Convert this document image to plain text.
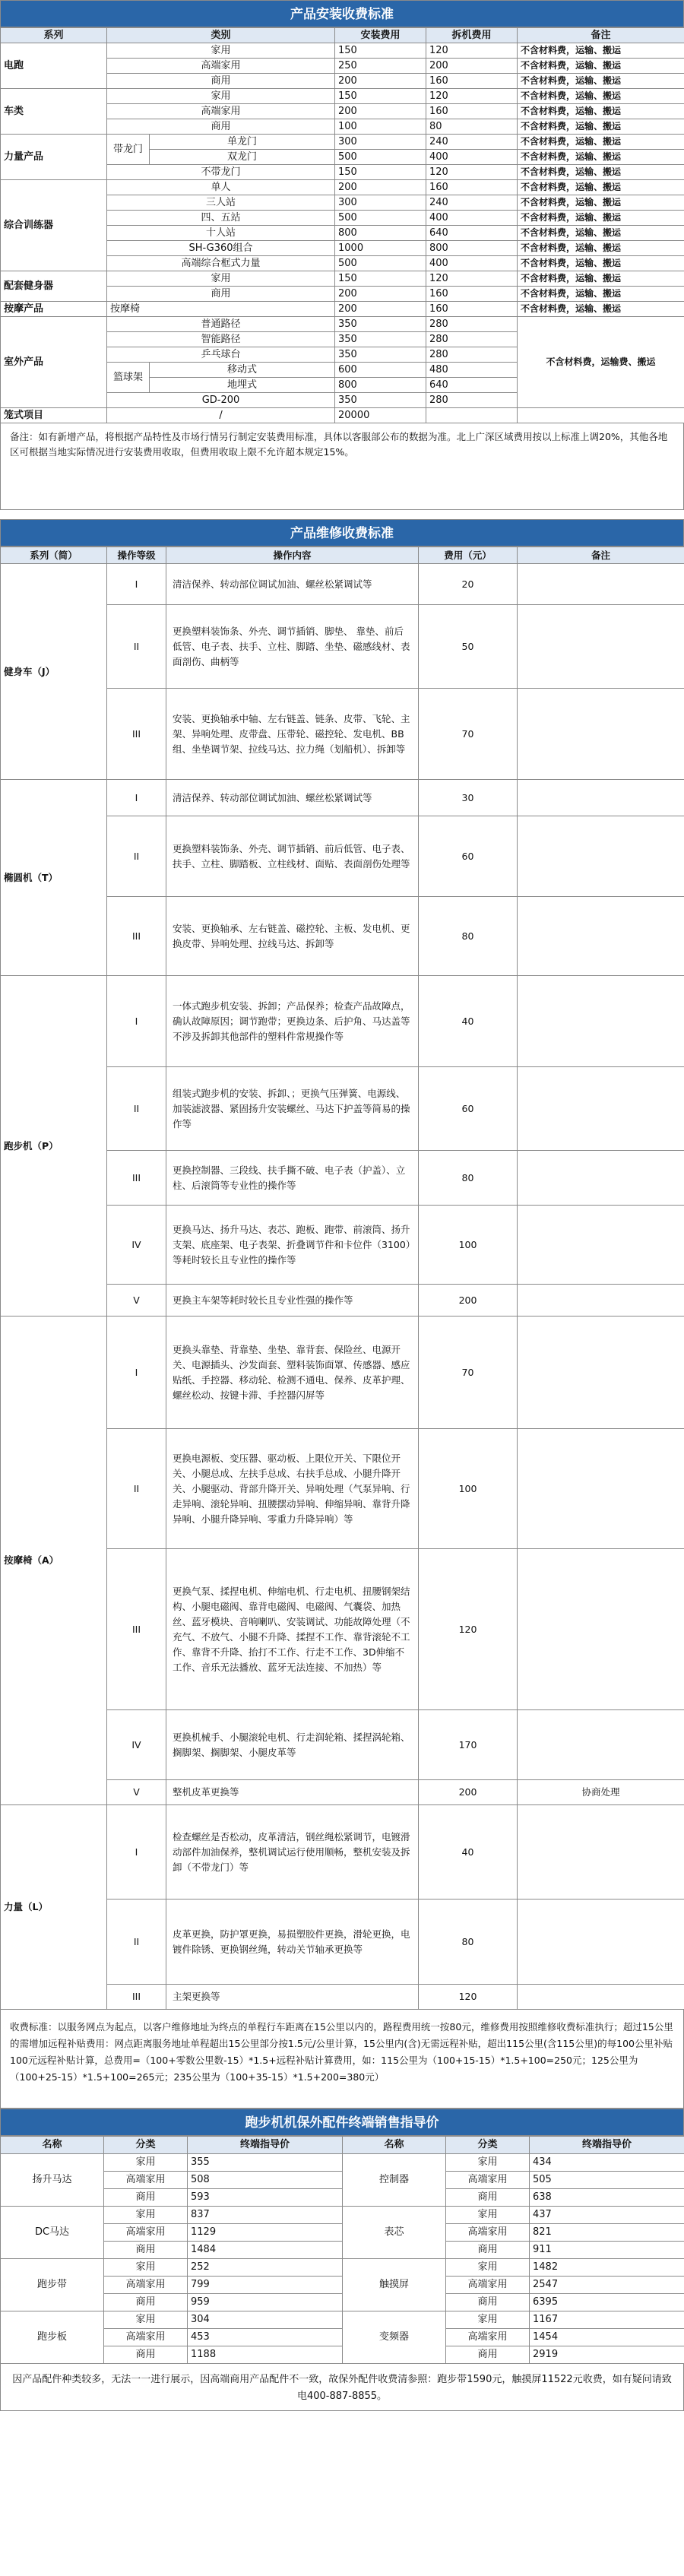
产品安装收费标准
系列	类别		安装费用	拆机费用	备注
电跑	家用		150	120	不含材料费，运输、搬运
	高端家用		250	200	不含材料费，运输、搬运
	商用		200	160	不含材料费，运输、搬运
车类	家用		150	120	不含材料费，运输、搬运
	高端家用		200	160	不含材料费，运输、搬运
	商用		100	80	不含材料费，运输、搬运
力量产品	带龙门	单龙门	300	240	不含材料费，运输、搬运
		双龙门	500	400	不含材料费，运输、搬运
	不带龙门		150	120	不含材料费，运输、搬运
综合训练器	单人		200	160	不含材料费，运输、搬运
	三人站		300	240	不含材料费，运输、搬运
	四、五站		500	400	不含材料费，运输、搬运
	十人站		800	640	不含材料费，运输、搬运
	SH-G360组合		1000	800	不含材料费，运输、搬运
	高端综合框式力量		500	400	不含材料费，运输、搬运
配套健身器	家用		150	120	不含材料费，运输、搬运
	商用		200	160	不含材料费，运输、搬运
按摩产品	按摩椅		200	160	不含材料费，运输、搬运
室外产品	普通路径		350	280	不含材料费，运输费、搬运
	智能路径		350	280	
	乒乓球台		350	280	
	篮球架	移动式	600	480	
		地埋式	800	640	
	GD-200		350	280	
笼式项目	/		20000		
备注：如有新增产品，将根据产品特性及市场行情另行制定安装费用标准，具体以客服部公布的数据为准。北上广深区域费用按以上标准上调20%，其他各地区可根据当地实际情况进行安装费用收取，但费用收取上限不允许超本规定15%。
产品维修收费标准
系列（简）	操作等级	操作内容	费用（元）	备注
健身车（J）	I	清洁保养、转动部位调试加油、螺丝松紧调试等	20	
	II	更换塑料装饰条、外壳、调节插销、脚垫、 靠垫、前后低管、电子表、扶手、立柱、脚踏、坐垫、磁感线材、表面剖伤、曲柄等	50	
	III	安装、更换轴承中轴、左右链盖、链条、皮带、飞轮、主架、异响处理、皮带盘、压带轮、磁控轮、发电机、BB组、坐垫调节架、拉线马达、拉力绳（划船机）、拆卸等	70	
椭圆机（T）	I	清洁保养、转动部位调试加油、螺丝松紧调试等	30	
	II	更换塑料装饰条、外壳、调节插销、前后低管、电子表、扶手、立柱、脚踏板、立柱线材、面贴、表面剖伤处理等	60	
	III	安装、更换轴承、左右链盖、磁控轮、主板、发电机、更换皮带、异响处理、拉线马达、拆卸等	80	
跑步机（P）	I	一体式跑步机安装、拆卸；产品保养；检查产品故障点，确认故障原因；调节跑带；更换边条、后护角、马达盖等不涉及拆卸其他部件的塑料件常规操作等	40	
	II	组装式跑步机的安装、拆卸、；更换气压弹簧、电源线、加装滤波器、紧固扬升安装螺丝、马达下护盖等简易的操作等	60	
	III	更换控制器、三段线、扶手撕不破、电子表（护盖）、立柱、后滚筒等专业性的操作等	80	
	IV	更换马达、扬升马达、表芯、跑板、跑带、前滚筒、扬升支架、底座架、电子表架、折叠调节件和卡位件（3100）等耗时较长且专业性的操作等	100	
	V	更换主车架等耗时较长且专业性强的操作等	200	
按摩椅（A）	I	更换头靠垫、背靠垫、坐垫、靠背套、保险丝、电源开关、电源插头、沙发面套、塑料装饰面罩、传感器、感应贴纸、手控器、移动轮、检测不通电、保养、皮革护理、螺丝松动、按键卡滞、手控器闪屏等	70	
	II	更换电源板、变压器、驱动板、上限位开关、下限位开关、小腿总成、左扶手总成、右扶手总成、小腿升降开关、小腿驱动、背部升降开关、异响处理（气泵异响、行走异响、滚轮异响、扭腰摆动异响、伸缩异响、靠背升降异响、小腿升降异响、零重力升降异响）等	100	
	III	更换气泵、揉捏电机、伸缩电机、行走电机、扭腰钢架结构、小腿电磁阀、靠背电磁阀、电磁阀、气囊袋、加热丝、蓝牙模块、音响喇叭、安装调试、功能故障处理（不充气、不放气、小腿不升降、揉捏不工作、靠背滚轮不工作、靠背不升降、抬打不工作、行走不工作、3D伸缩不工作、音乐无法播放、蓝牙无法连接、不加热）等	120	
	IV	更换机械手、小腿滚轮电机、行走润轮箱、揉捏涡轮箱、搁脚架、搁脚架、小腿皮革等	170	
	V	整机皮革更换等	200	协商处理
力量（L）	I	检查螺丝是否松动，皮革清洁，钢丝绳松紧调节，电镀滑动部件加油保养，整机调试运行使用顺畅，整机安装及拆卸（不带龙门）等	40	
	II	皮革更换，防护罩更换，易损塑胶件更换，滑轮更换，电镀件除锈、更换钢丝绳，转动关节轴承更换等	80	
	III	主架更换等	120	
收费标准：以服务网点为起点，以客户维修地址为终点的单程行车距离在15公里以内的，路程费用统一按80元，维修费用按照维修收费标准执行；超过15公里的需增加远程补贴费用：网点距离服务地址单程超出15公里部分按1.5元/公里计算，15公里内(含)无需远程补贴，超出115公里(含115公里)的每100公里补贴100元远程补贴计算，总费用=（100+零数公里数-15）*1.5+远程补贴计算费用，如：115公里为（100+15-15）*1.5+100=250元；125公里为（100+25-15）*1.5+100=265元；235公里为（100+35-15）*1.5+200=380元）
跑步机机保外配件终端销售指导价
名称	分类	终端指导价	名称	分类	终端指导价
扬升马达	家用	355	控制器	家用	434
	高端家用	508		高端家用	505
	商用	593		商用	638
DC马达	家用	837	表芯	家用	437
	高端家用	1129		高端家用	821
	商用	1484		商用	911
跑步带	家用	252	触摸屏	家用	1482
	高端家用	799		高端家用	2547
	商用	959		商用	6395
跑步板	家用	304	变频器	家用	1167
	高端家用	453		高端家用	1454
	商用	1188		商用	2919
因产品配件种类较多，无法一一进行展示，因高端商用产品配件不一致，故保外配件收费清参照：跑步带1590元，触摸屏11522元收费，如有疑问请致电400-887-8855。
